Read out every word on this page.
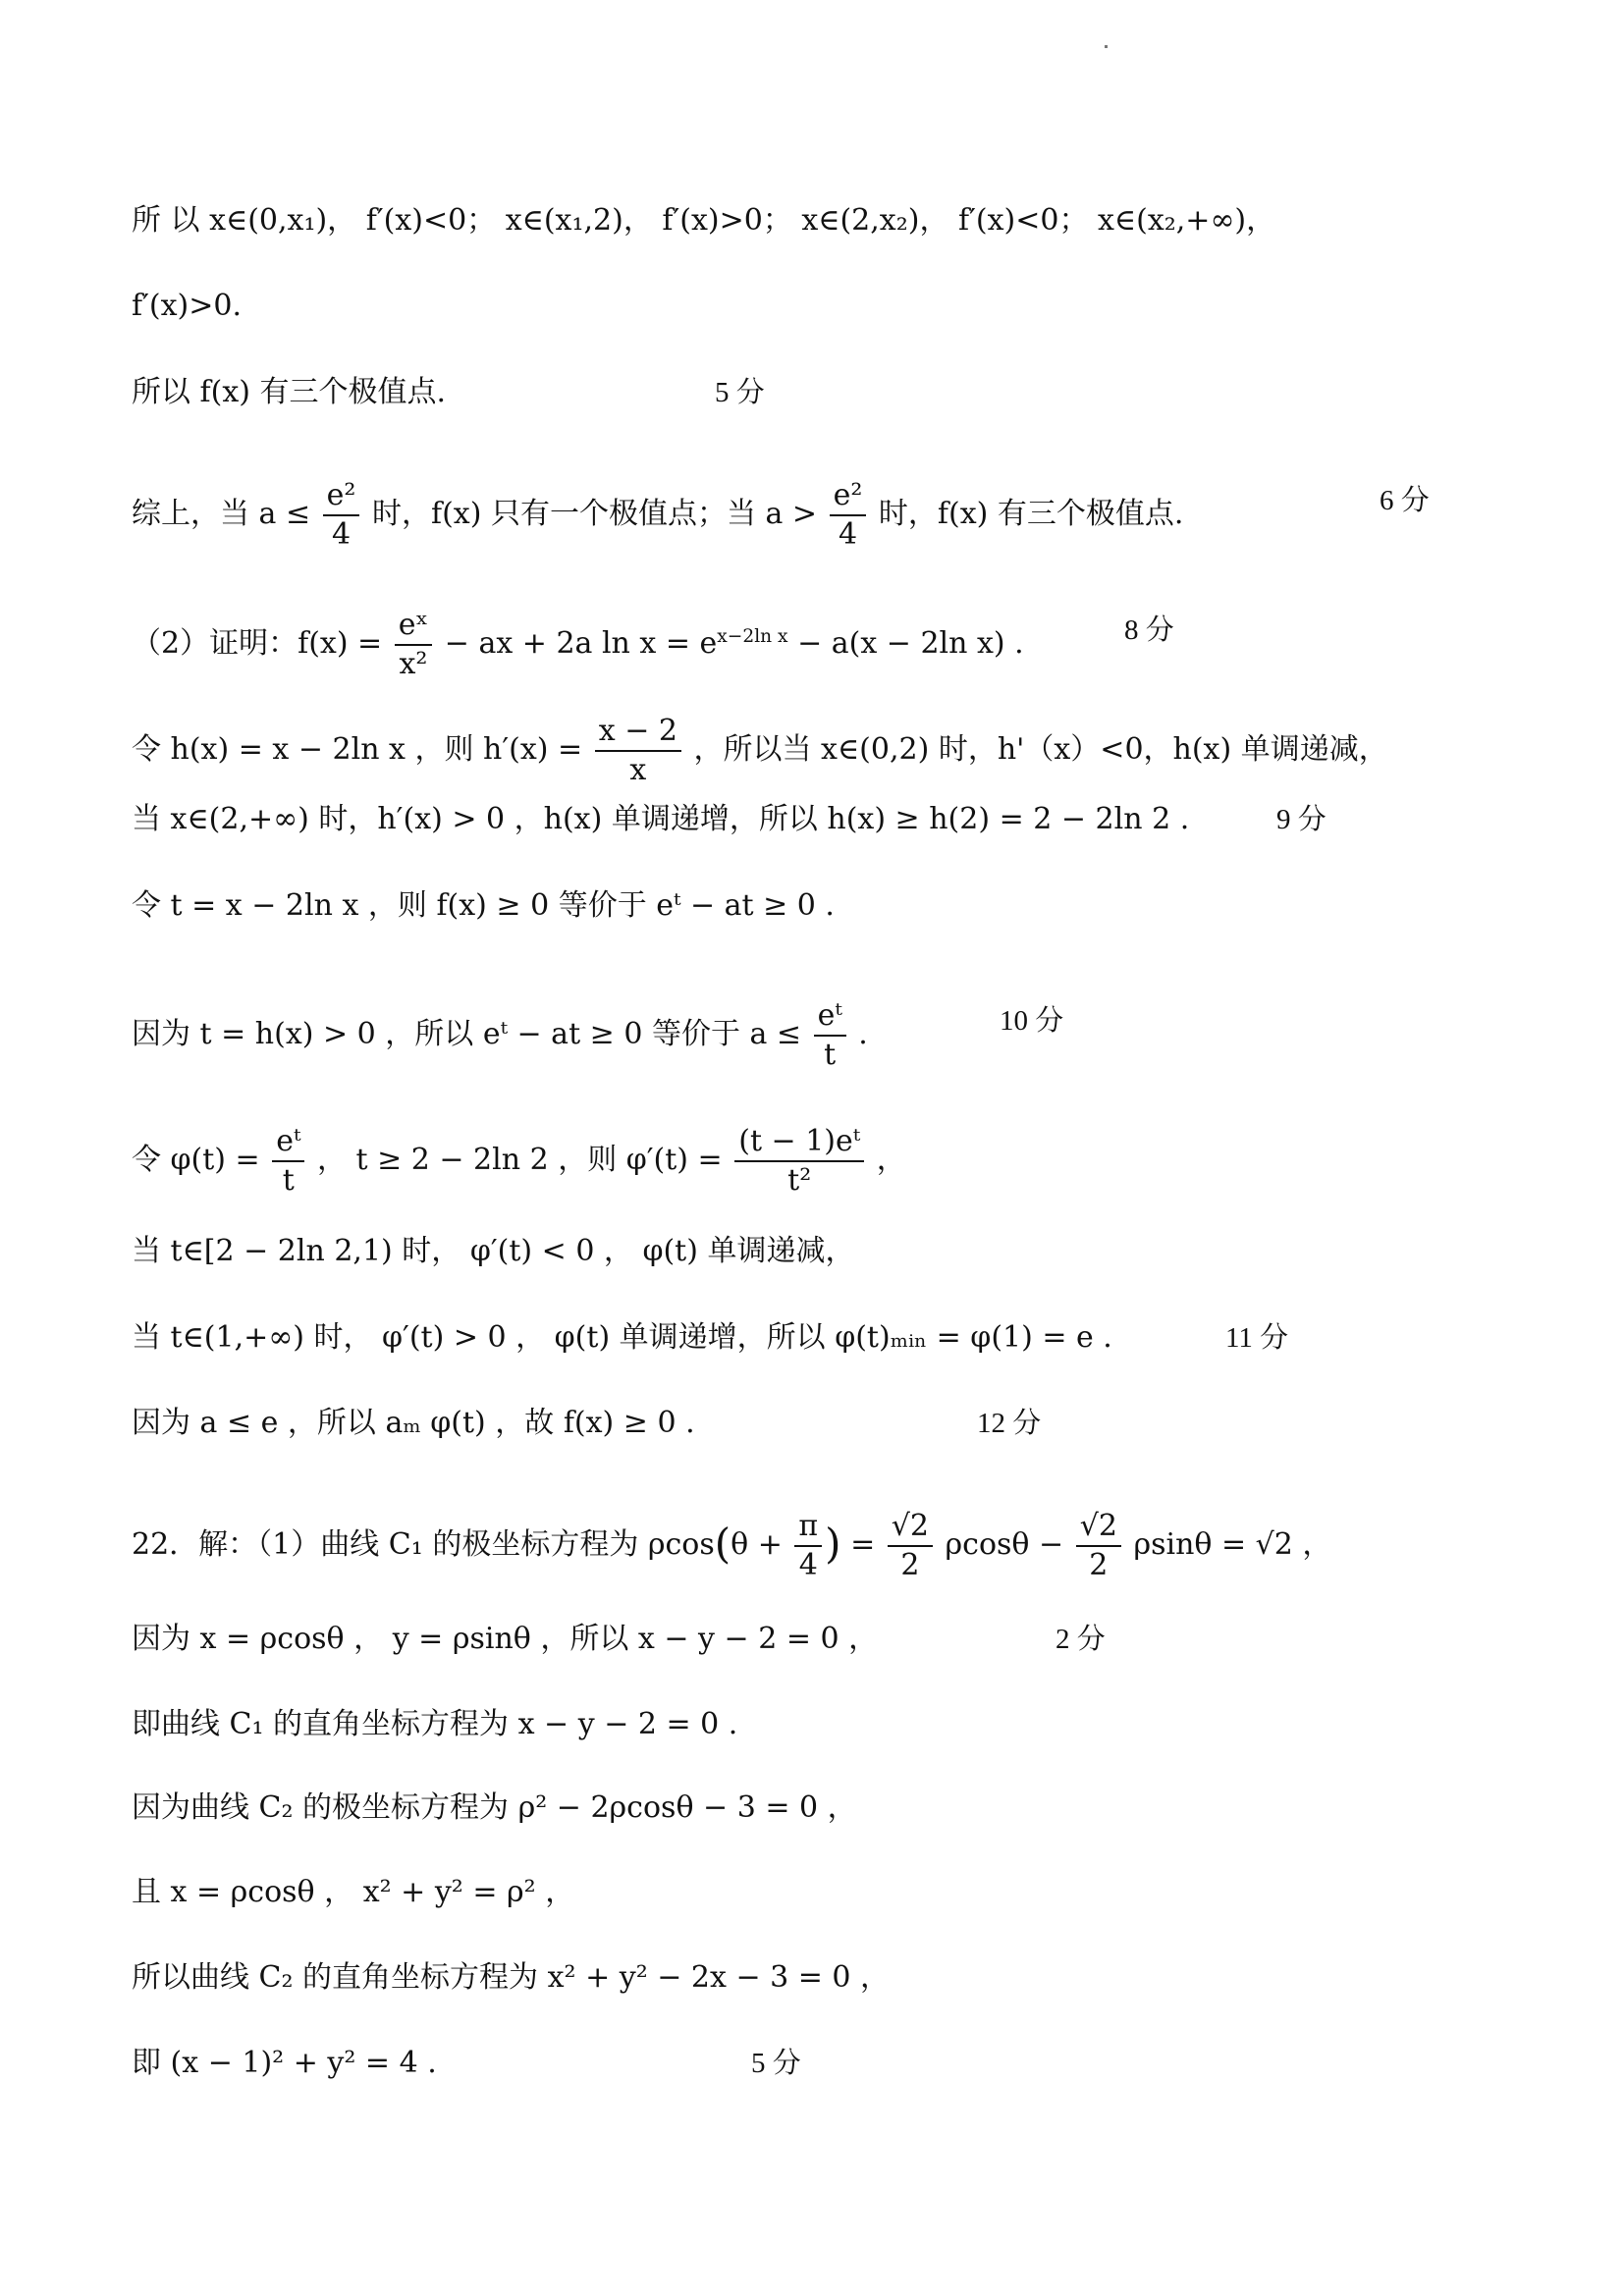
所 以 x∈(0,x₁)， f′(x)<0； x∈(x₁,2)， f′(x)>0； x∈(2,x₂)， f′(x)<0； x∈(x₂,+∞)，
f′(x)>0.
所以 f(x) 有三个极值点.	5 分
综上，当 $a \le \frac{\text{e²}}{4}$ 时，f(x) 只有一个极值点；当 $a > \frac{\text{e²}}{4}$ 时，f(x) 有三个极值点.	6 分
（2）证明：$f(x) = \frac{\text{eˣ}}{\text{x²}}$ − ax + 2a $\ln x = e^{x-2ln x} - a(x - 2\ln$ x) .	8 分
令 h(x) = x − 2ln x ，则 $h'(x) = \frac{x - 2}{x}$ ，所以当 x∈(0,2) 时，h'（x）<0，h(x) 单调递减，
当 x∈(2,+∞) 时，h′(x) > 0 ，h(x) 单调递增，所以 h(x) ≥ h(2) = 2 − 2ln 2 .	9 分
令 t = x − 2ln x ，则 f(x) ≥ 0 等价于 eᵗ − at ≥ 0 .
因为 t = h(x) > 0 ，所以 eᵗ − at ≥ 0 等价于 $a \le \frac{\text{eᵗ}}{t}$ .	10 分
令 $\varphi(t) = \frac{\text{eᵗ}}{t}$ ， t ≥ 2 − 2ln 2 ，则 $\varphi'(t) = \frac{\text{(t − 1)eᵗ}}{\text{t²}}$ ，
当 t∈[2 − 2ln 2,1) 时， φ′(t) < 0 ， φ(t) 单调递减，
当 t∈(1,+∞) 时， φ′(t) > 0 ， φ(t) 单调递增，所以 φ(t)ₘᵢₙ = φ(1) = e .	11 分
因为 a ≤ e ，所以 aₘ φ(t) ，故 f(x) ≥ 0 .	12 分
22．解：（1）曲线 C₁ 的极坐标方程为 $\rho\cos(\theta + \frac{\pi}{4}$ ) = $\frac{√2}{2}$ $\rho\cos\theta - \frac{√2}{2}$ ρsinθ = √2 ，
因为 x = ρcosθ ， y = ρsinθ ，所以 x − y − 2 = 0 ，	2 分
即曲线 C₁ 的直角坐标方程为 x − y − 2 = 0 .
因为曲线 C₂ 的极坐标方程为 ρ² − 2ρcosθ − 3 = 0 ，
且 x = ρcosθ ， x² + y² = ρ² ，
所以曲线 C₂ 的直角坐标方程为 x² + y² − 2x − 3 = 0 ，
即 (x − 1)² + y² = 4 .	5 分
